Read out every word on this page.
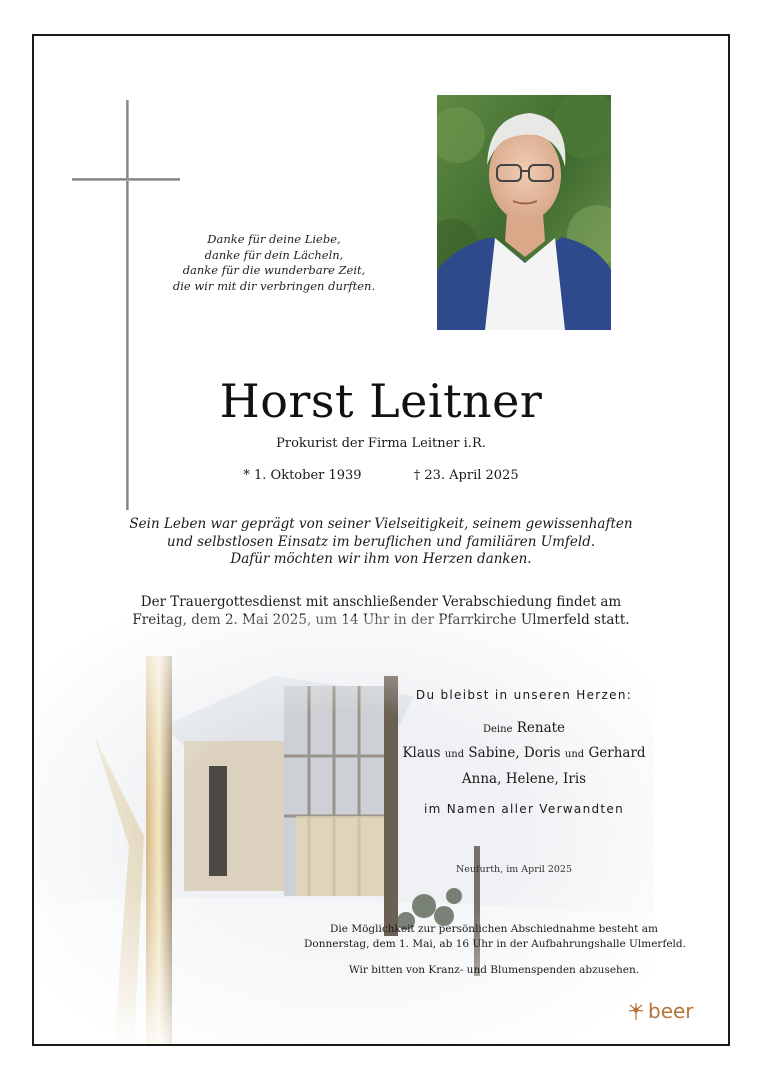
Danke für deine Liebe,
danke für dein Lächeln,
danke für die wunderbare Zeit,
die wir mit dir verbringen durften.
Horst Leitner
Prokurist der Firma Leitner i.R.
* 1. Oktober 1939	† 23. April 2025
Sein Leben war geprägt von seiner Vielseitigkeit, seinem gewissenhaften
und selbstlosen Einsatz im beruflichen und familiären Umfeld.
Dafür möchten wir ihm von Herzen danken.
Der Trauergottesdienst mit anschließender Verabschiedung findet am
Du bleibst in unseren Herzen:
Deine Renate
Klaus und Sabine, Doris und Gerhard
Anna, Helene, Iris
im Namen aller Verwandten
Neufurth, im April 2025
Die Möglichkeit zur persönlichen Abschiednahme besteht am
Donnerstag, dem 1. Mai, ab 16 Uhr in der Aufbahrungshalle Ulmerfeld.
Wir bitten von Kranz- und Blumenspenden abzusehen.
beer
